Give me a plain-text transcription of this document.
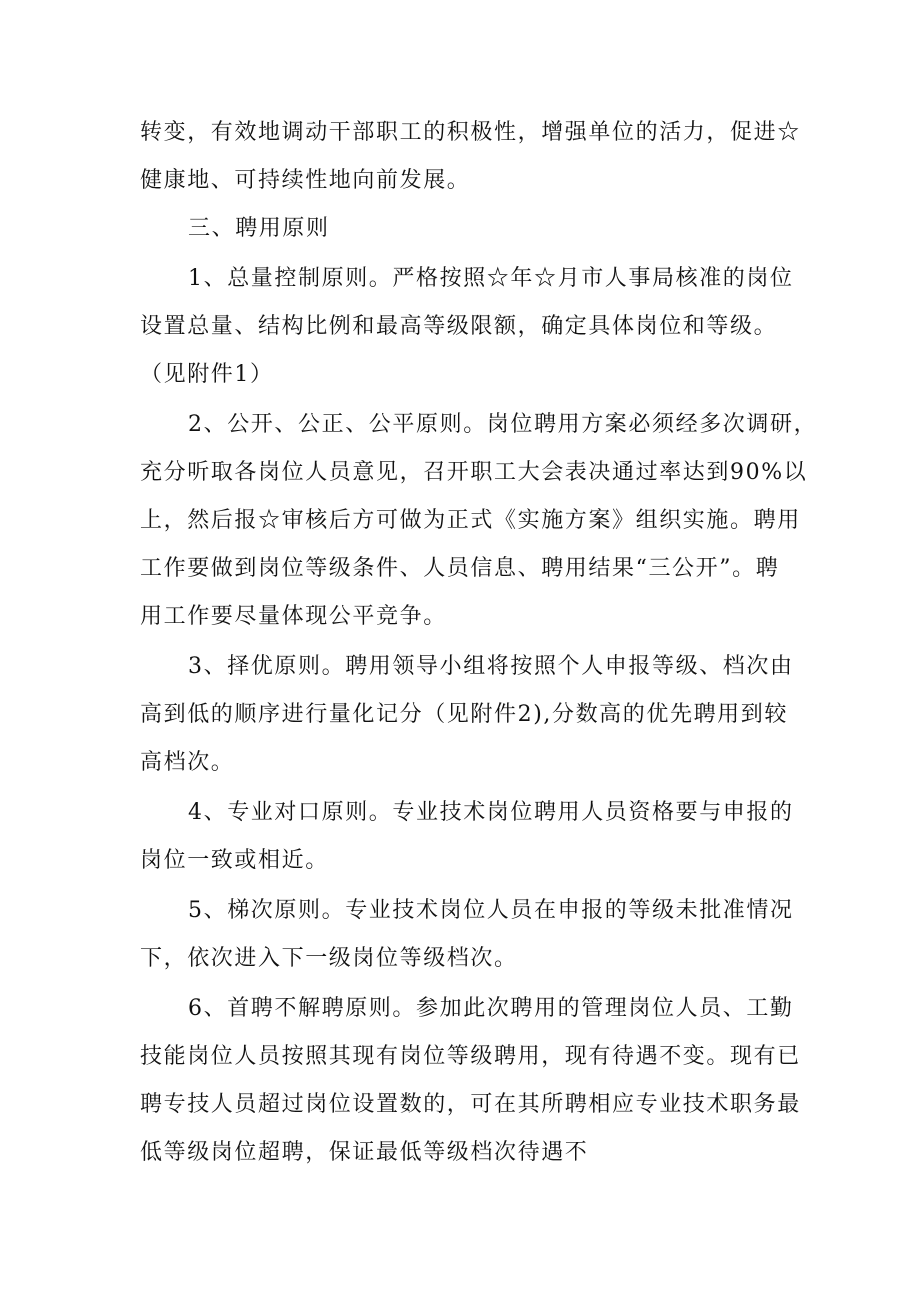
转变，有效地调动干部职工的积极性，增强单位的活力，促进☆
健康地、可持续性地向前发展。
三、聘用原则
1、总量控制原则。严格按照☆年☆月市人事局核准的岗位
设置总量、结构比例和最高等级限额，确定具体岗位和等级。
（见附件1）
2、公开、公正、公平原则。岗位聘用方案必须经多次调研，
充分听取各岗位人员意见，召开职工大会表决通过率达到90%以
上，然后报☆审核后方可做为正式《实施方案》组织实施。聘用
工作要做到岗位等级条件、人员信息、聘用结果“三公开”。聘
用工作要尽量体现公平竞争。
3、择优原则。聘用领导小组将按照个人申报等级、档次由
高到低的顺序进行量化记分（见附件2),分数高的优先聘用到较
高档次。
4、专业对口原则。专业技术岗位聘用人员资格要与申报的
岗位一致或相近。
5、梯次原则。专业技术岗位人员在申报的等级未批准情况
下，依次进入下一级岗位等级档次。
6、首聘不解聘原则。参加此次聘用的管理岗位人员、工勤
技能岗位人员按照其现有岗位等级聘用，现有待遇不变。现有已
聘专技人员超过岗位设置数的，可在其所聘相应专业技术职务最
低等级岗位超聘，保证最低等级档次待遇不
